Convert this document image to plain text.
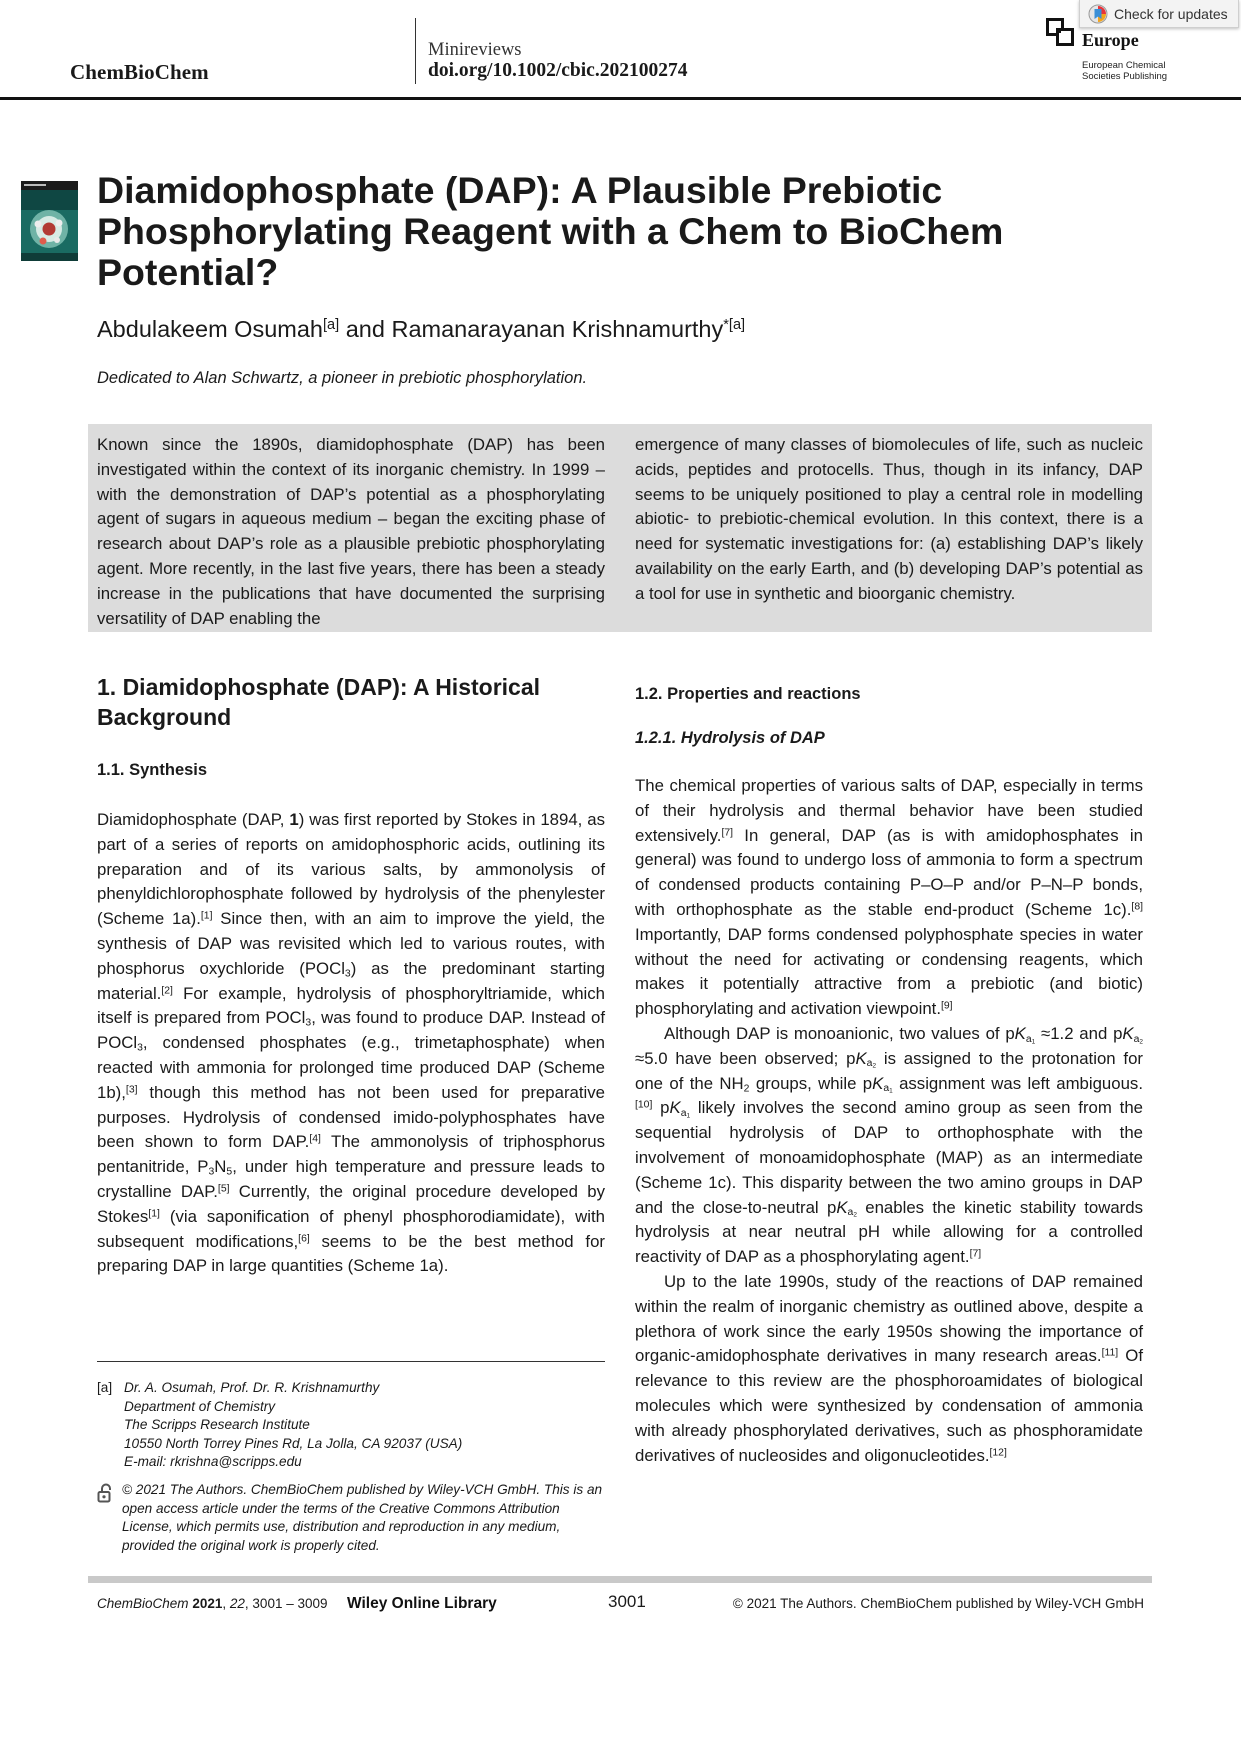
ChemBioChem
Minireviews
doi.org/10.1002/cbic.202100274
Europe
European Chemical Societies Publishing
Check for updates
Diamidophosphate (DAP): A Plausible Prebiotic Phosphorylating Reagent with a Chem to BioChem Potential?
Abdulakeem Osumah[a] and Ramanarayanan Krishnamurthy$^{*[a]}$
Dedicated to Alan Schwartz, a pioneer in prebiotic phosphorylation.

Known since the 1890s, diamidophosphate (DAP) has been investigated within the context of its inorganic chemistry. In 1999 – with the demonstration of DAP’s potential as a phosphorylating agent of sugars in aqueous medium – began the exciting phase of research about DAP’s role as a plausible prebiotic phosphorylating agent. More recently, in the last five years, there has been a steady increase in the publications that have documented the surprising versatility of DAP enabling the

emergence of many classes of biomolecules of life, such as nucleic acids, peptides and protocells. Thus, though in its infancy, DAP seems to be uniquely positioned to play a central role in modelling abiotic- to prebiotic-chemical evolution. In this context, there is a need for systematic investigations for: (a) establishing DAP’s likely availability on the early Earth, and (b) developing DAP’s potential as a tool for use in synthetic and bioorganic chemistry.

1. Diamidophosphate (DAP): A Historical Background
1.1. Synthesis

Diamidophosphate (DAP, 1) was first reported by Stokes in 1894, as part of a series of reports on amidophosphoric acids, outlining its preparation and of its various salts, by ammonolysis of phenyldichlorophosphate followed by hydrolysis of the phenylester (Scheme 1a).[1] Since then, with an aim to improve the yield, the synthesis of DAP was revisited which led to various routes, with phosphorus oxychloride (POCl$_3$) as the predominant starting material.[2] For example, hydrolysis of phosphoryltriamide, which itself is prepared from POCl$_3$, was found to produce DAP. Instead of POCl$_3$, condensed phosphates (e.g., trimetaphosphate) when reacted with ammonia for prolonged time produced DAP (Scheme 1b),[3] though this method has not been used for preparative purposes. Hydrolysis of condensed imido-polyphosphates have been shown to form DAP.[4] The ammonolysis of triphosphorus pentanitride, $P_3N_5$, under high temperature and pressure leads to crystalline DAP.[5] Currently, the original procedure developed by Stokes[1] (via saponification of phenyl phosphorodiamidate), with subsequent modifications,[6] seems to be the best method for preparing DAP in large quantities (Scheme 1a).

[a] Dr. A. Osumah, Prof. Dr. R. Krishnamurthy
Department of Chemistry
The Scripps Research Institute
10550 North Torrey Pines Rd, La Jolla, CA 92037 (USA)
E-mail: rkrishna@scripps.edu
© 2021 The Authors. ChemBioChem published by Wiley-VCH GmbH. This is an open access article under the terms of the Creative Commons Attribution License, which permits use, distribution and reproduction in any medium, provided the original work is properly cited.
1.2. Properties and reactions
1.2.1. Hydrolysis of DAP

The chemical properties of various salts of DAP, especially in terms of their hydrolysis and thermal behavior have been studied extensively.[7] In general, DAP (as is with amidophosphates in general) was found to undergo loss of ammonia to form a spectrum of condensed products containing P–O–P and/or P–N–P bonds, with orthophosphate as the stable end-product (Scheme 1c).[8] Importantly, DAP forms condensed polyphosphate species in water without the need for activating or condensing reagents, which makes it potentially attractive from a prebiotic (and biotic) phosphorylating and activation viewpoint.[9]

Although DAP is monoanionic, two values of $pK_{a_1} \approx 1.2$ and $pK_{a_2} \approx 5.0$ have been observed; $pK_{a_2}$ is assigned to the protonation for one of the $NH_2$ groups, while $pK_{a_1}$ assignment was left ambiguous.[10] $pK_{a_1}$ likely involves the second amino group as seen from the sequential hydrolysis of DAP to orthophosphate with the involvement of monoamidophosphate (MAP) as an intermediate (Scheme 1c). This disparity between the two amino groups in DAP and the close-to-neutral $pK_{a_2}$ enables the kinetic stability towards hydrolysis at near neutral pH while allowing for a controlled reactivity of DAP as a phosphorylating agent.[7]

Up to the late 1990s, study of the reactions of DAP remained within the realm of inorganic chemistry as outlined above, despite a plethora of work since the early 1950s showing the importance of organic-amidophosphate derivatives in many research areas.[11] Of relevance to this review are the phosphoroamidates of biological molecules which were synthesized by condensation of ammonia with already phosphorylated derivatives, such as phosphoramidate derivatives of nucleosides and oligonucleotides.[12]

ChemBioChem 2021, 22, 3001 – 3009 Wiley Online Library	3001	© 2021 The Authors. ChemBioChem published by Wiley-VCH GmbH
